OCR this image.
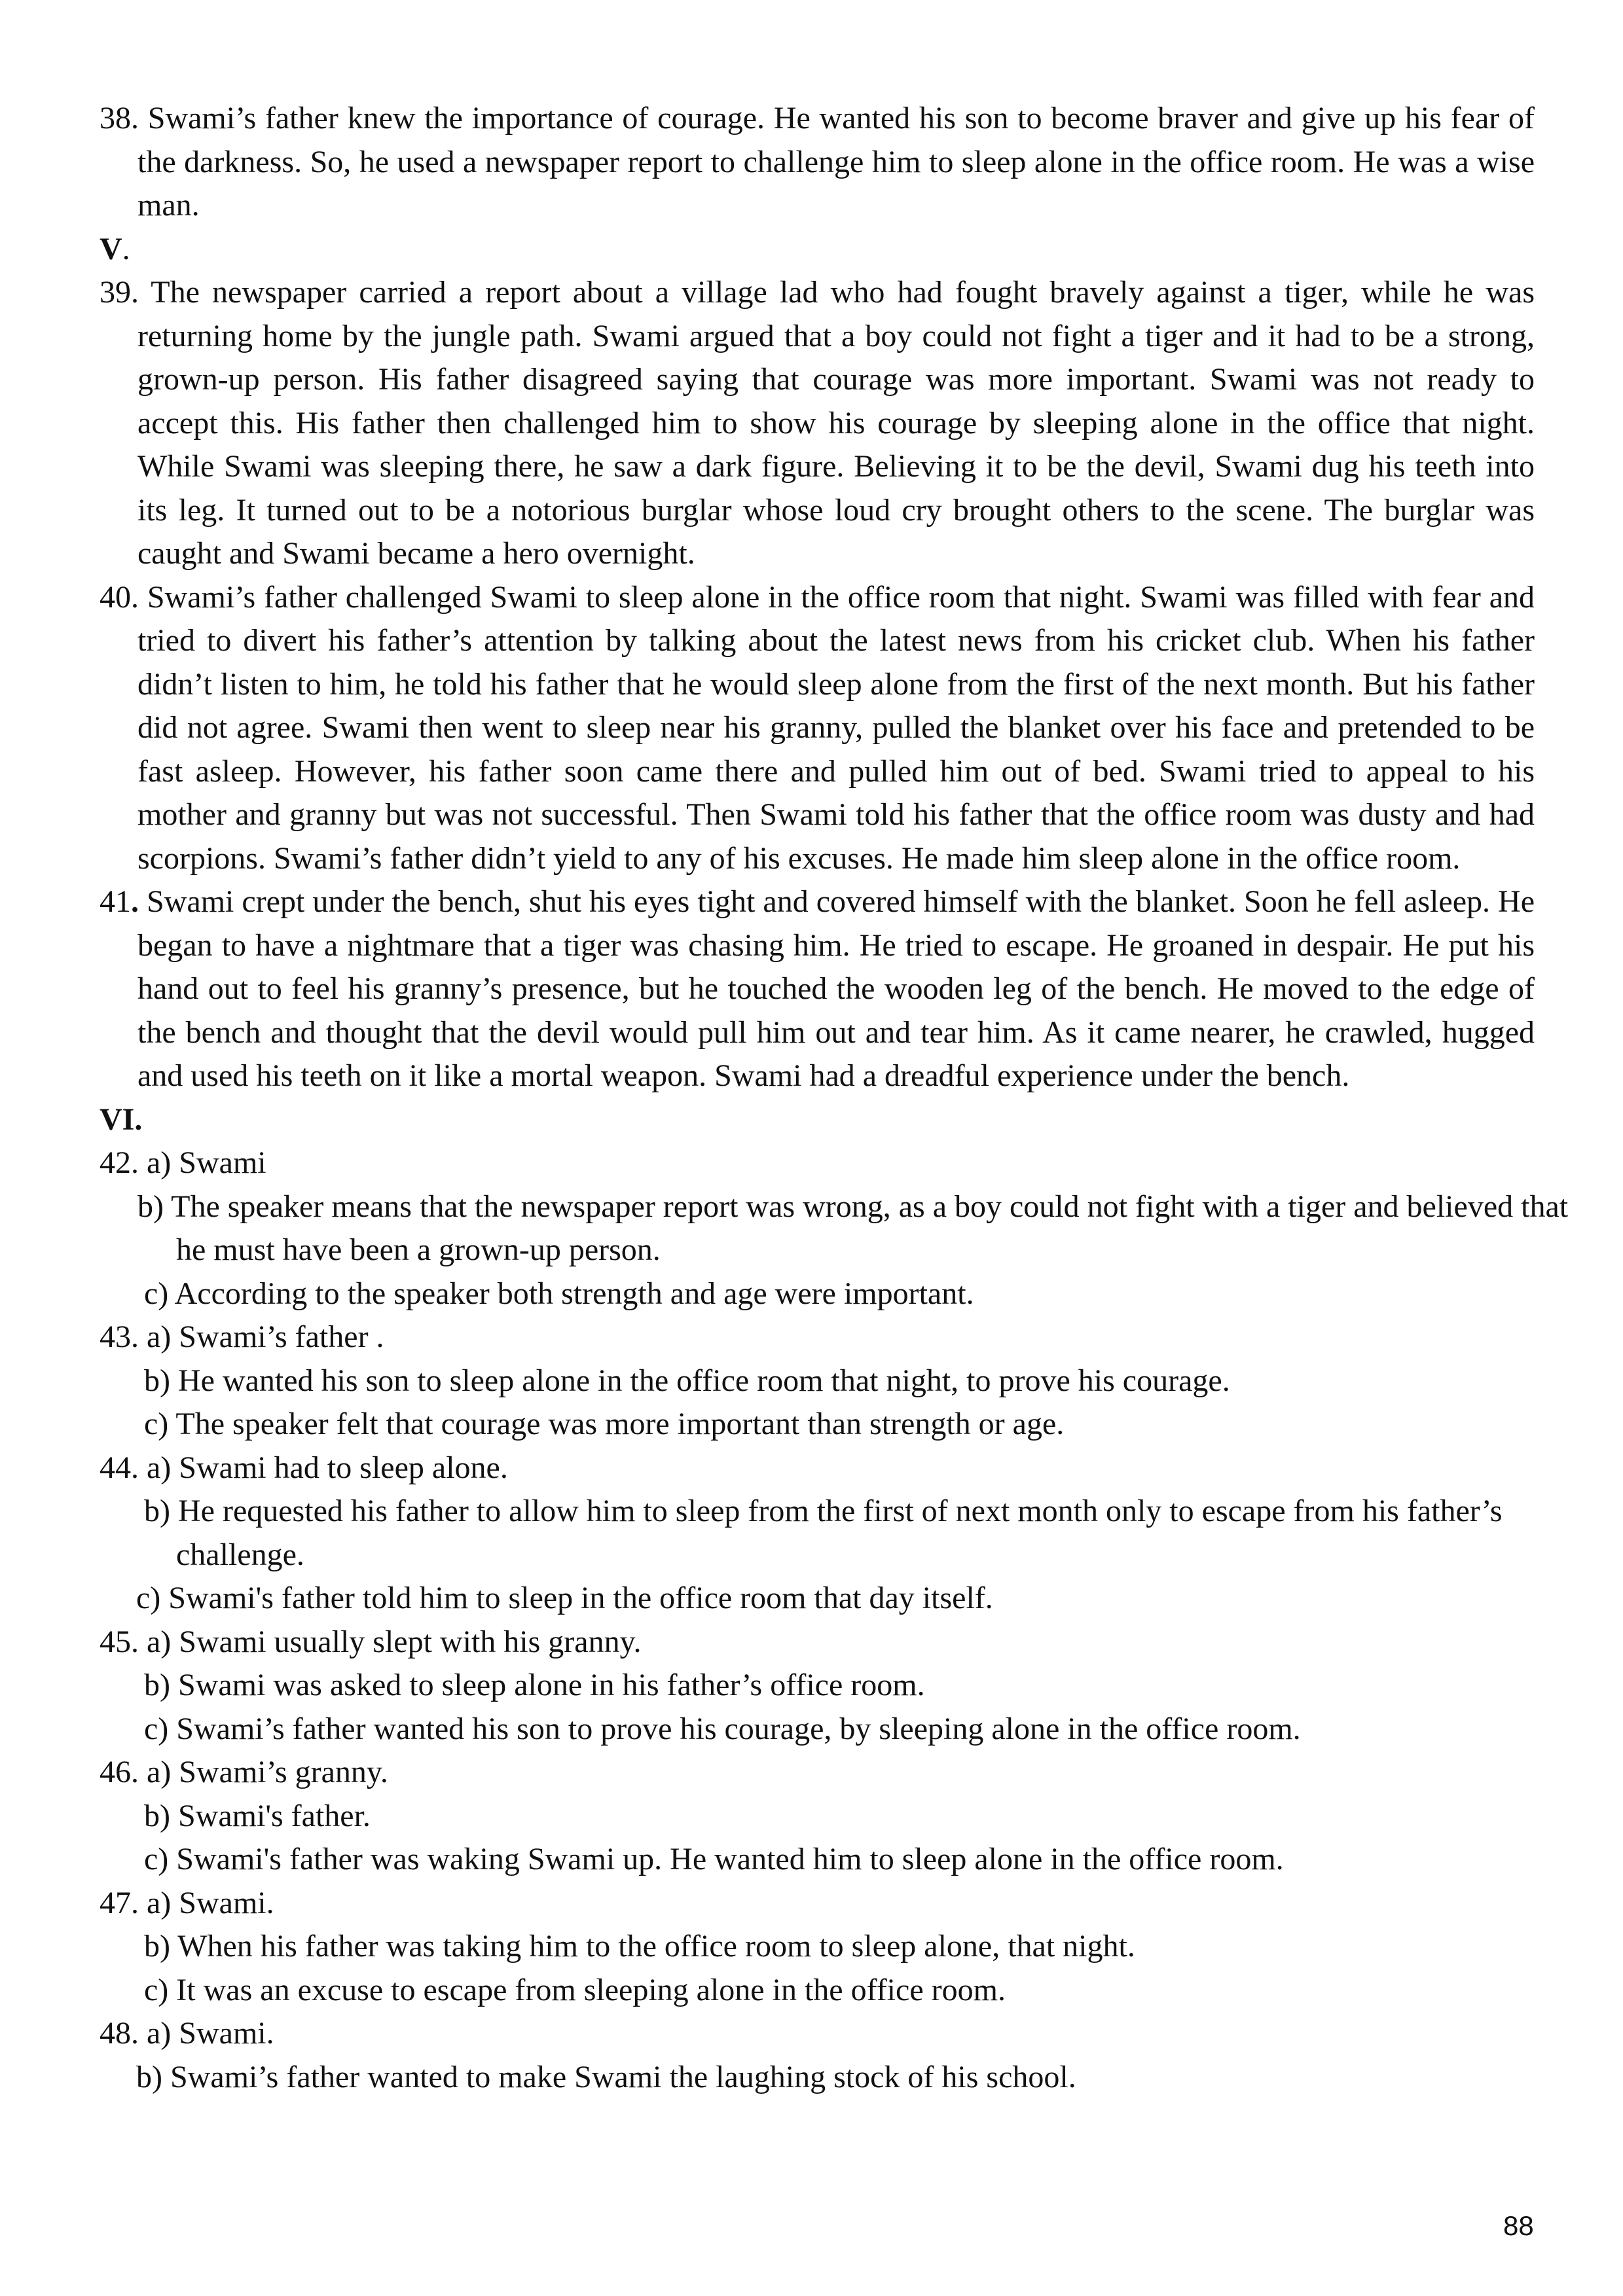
38. Swami’s father knew the importance of courage. He wanted his son to become braver and give up his fear of the darkness. So, he used a newspaper report to challenge him to sleep alone in the office room. He was a wise man.
V.
39. The newspaper carried a report about a village lad who had fought bravely against a tiger, while he was returning home by the jungle path. Swami argued that a boy could not fight a tiger and it had to be a strong, grown-up person. His father disagreed saying that courage was more important. Swami was not ready to accept this. His father then challenged him to show his courage by sleeping alone in the office that night. While Swami was sleeping there, he saw a dark figure. Believing it to be the devil, Swami dug his teeth into its leg. It turned out to be a notorious burglar whose loud cry brought others to the scene. The burglar was caught and Swami became a hero overnight.
40. Swami’s father challenged Swami to sleep alone in the office room that night. Swami was filled with fear and tried to divert his father’s attention by talking about the latest news from his cricket club. When his father didn’t listen to him, he told his father that he would sleep alone from the first of the next month. But his father did not agree. Swami then went to sleep near his granny, pulled the blanket over his face and pretended to be fast asleep. However, his father soon came there and pulled him out of bed. Swami tried to appeal to his mother and granny but was not successful. Then Swami told his father that the office room was dusty and had scorpions. Swami’s father didn’t yield to any of his excuses. He made him sleep alone in the office room.
41. Swami crept under the bench, shut his eyes tight and covered himself with the blanket. Soon he fell asleep. He began to have a nightmare that a tiger was chasing him. He tried to escape. He groaned in despair. He put his hand out to feel his granny’s presence, but he touched the wooden leg of the bench. He moved to the edge of the bench and thought that the devil would pull him out and tear him. As it came nearer, he crawled, hugged and used his teeth on it like a mortal weapon. Swami had a dreadful experience under the bench.
VI.
42. a) Swami
b) The speaker means that the newspaper report was wrong, as a boy could not fight with a tiger and believed that he must have been a grown-up person.
c) According to the speaker both strength and age were important.
43. a) Swami’s father .
b) He wanted his son to sleep alone in the office room that night, to prove his courage.
c) The speaker felt that courage was more important than strength or age.
44. a) Swami had to sleep alone.
b) He requested his father to allow him to sleep from the first of next month only to escape from his father’s challenge.
c) Swami's father told him to sleep in the office room that day itself.
45. a) Swami usually slept with his granny.
b) Swami was asked to sleep alone in his father’s office room.
c) Swami’s father wanted his son to prove his courage, by sleeping alone in the office room.
46. a) Swami’s granny.
b) Swami's father.
c) Swami's father was waking Swami up. He wanted him to sleep alone in the office room.
47. a) Swami.
b) When his father was taking him to the office room to sleep alone, that night.
c) It was an excuse to escape from sleeping alone in the office room.
48. a) Swami.
b) Swami’s father wanted to make Swami the laughing stock of his school.
88
